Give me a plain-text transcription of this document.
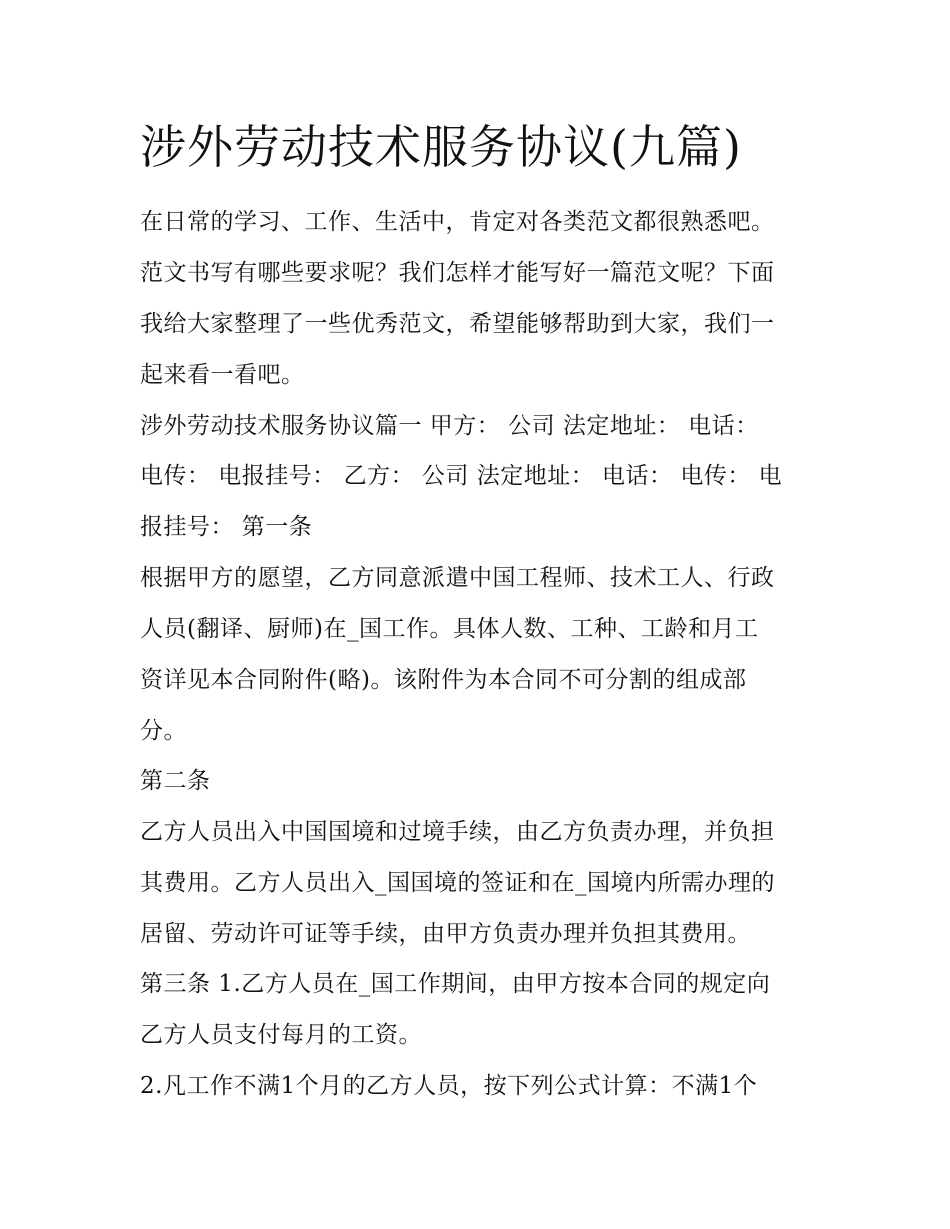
涉外劳动技术服务协议(九篇)
在日常的学习、工作、生活中，肯定对各类范文都很熟悉吧。
范文书写有哪些要求呢？我们怎样才能写好一篇范文呢？下面
我给大家整理了一些优秀范文，希望能够帮助到大家，我们一
起来看一看吧。
涉外劳动技术服务协议篇一 甲方： 公司 法定地址： 电话：
电传： 电报挂号： 乙方： 公司 法定地址： 电话： 电传： 电
报挂号： 第一条
根据甲方的愿望，乙方同意派遣中国工程师、技术工人、行政
人员(翻译、厨师)在_国工作。具体人数、工种、工龄和月工
资详见本合同附件(略)。该附件为本合同不可分割的组成部
分。
第二条
乙方人员出入中国国境和过境手续，由乙方负责办理，并负担
其费用。乙方人员出入_国国境的签证和在_国境内所需办理的
居留、劳动许可证等手续，由甲方负责办理并负担其费用。
第三条 1.乙方人员在_国工作期间，由甲方按本合同的规定向
乙方人员支付每月的工资。
2.凡工作不满1个月的乙方人员，按下列公式计算：不满1个
